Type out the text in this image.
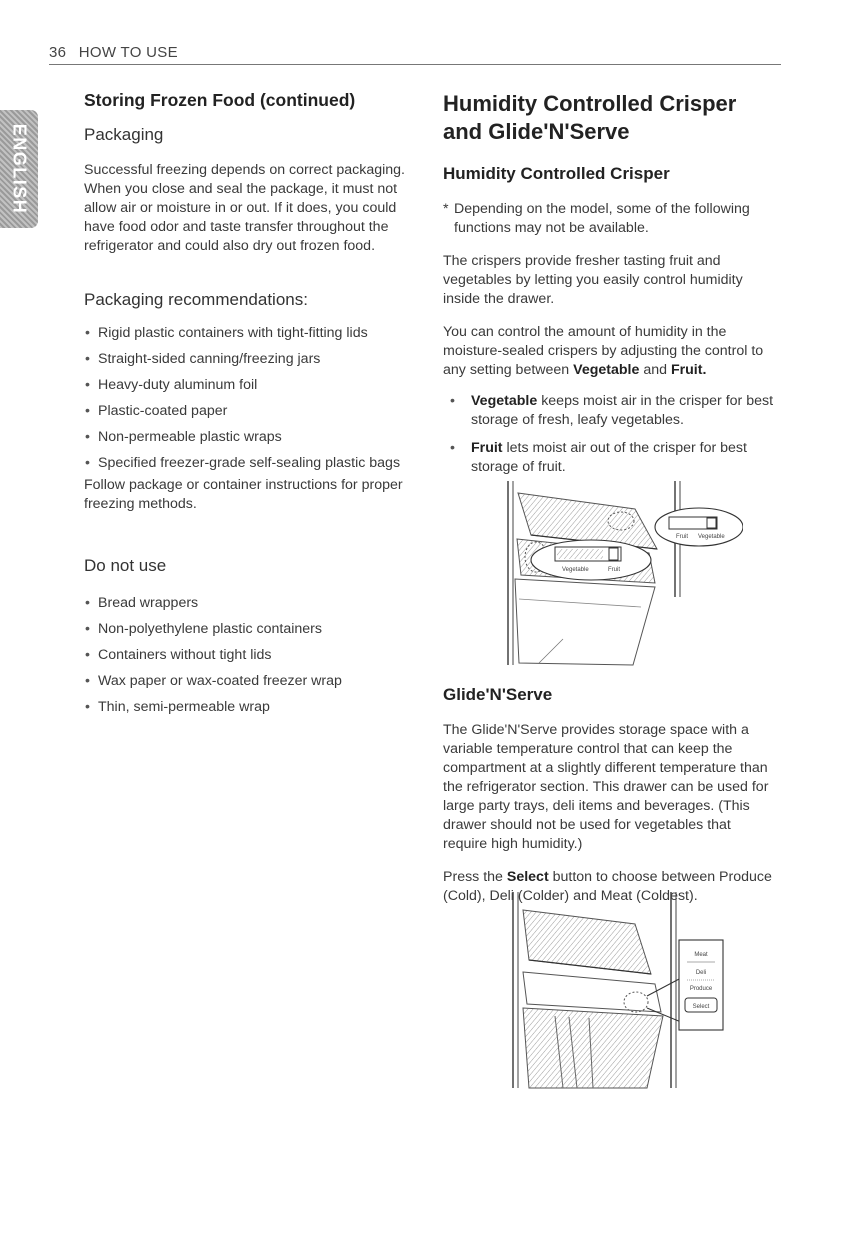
36 HOW TO USE
ENGLISH
Storing Frozen Food (continued)
Packaging

Successful freezing depends on correct packaging. When you close and seal the package, it must not allow air or moisture in or out. If it does, you could have food odor and taste transfer throughout the refrigerator and could also dry out frozen food.

Packaging recommendations:
• Rigid plastic containers with tight-fitting lids
• Straight-sided canning/freezing jars
• Heavy-duty aluminum foil
• Plastic-coated paper
• Non-permeable plastic wraps
• Specified freezer-grade self-sealing plastic bags

Follow package or container instructions for proper freezing methods.

Do not use
• Bread wrappers
• Non-polyethylene plastic containers
• Containers without tight lids
• Wax paper or wax-coated freezer wrap
• Thin, semi-permeable wrap
Humidity Controlled Crisper and Glide'N'Serve
Humidity Controlled Crisper
* Depending on the model, some of the following functions may not be available.

The crispers provide fresher tasting fruit and vegetables by letting you easily control humidity inside the drawer.

You can control the amount of humidity in the moisture-sealed crispers by adjusting the control to any setting between Vegetable and Fruit.

• Vegetable keeps moist air in the crisper for best storage of fresh, leafy vegetables.
• Fruit lets moist air out of the crisper for best storage of fruit.
Fruit Vegetable
Vegetable	Fruit
Glide'N'Serve

The Glide'N'Serve provides storage space with a variable temperature control that can keep the compartment at a slightly different temperature than the refrigerator section. This drawer can be used for large party trays, deli items and beverages. (This drawer should not be used for vegetables that require high humidity.)

Press the Select button to choose between Produce (Cold), Deli (Colder) and Meat (Coldest).

Meat
Deli
Produce
Select
